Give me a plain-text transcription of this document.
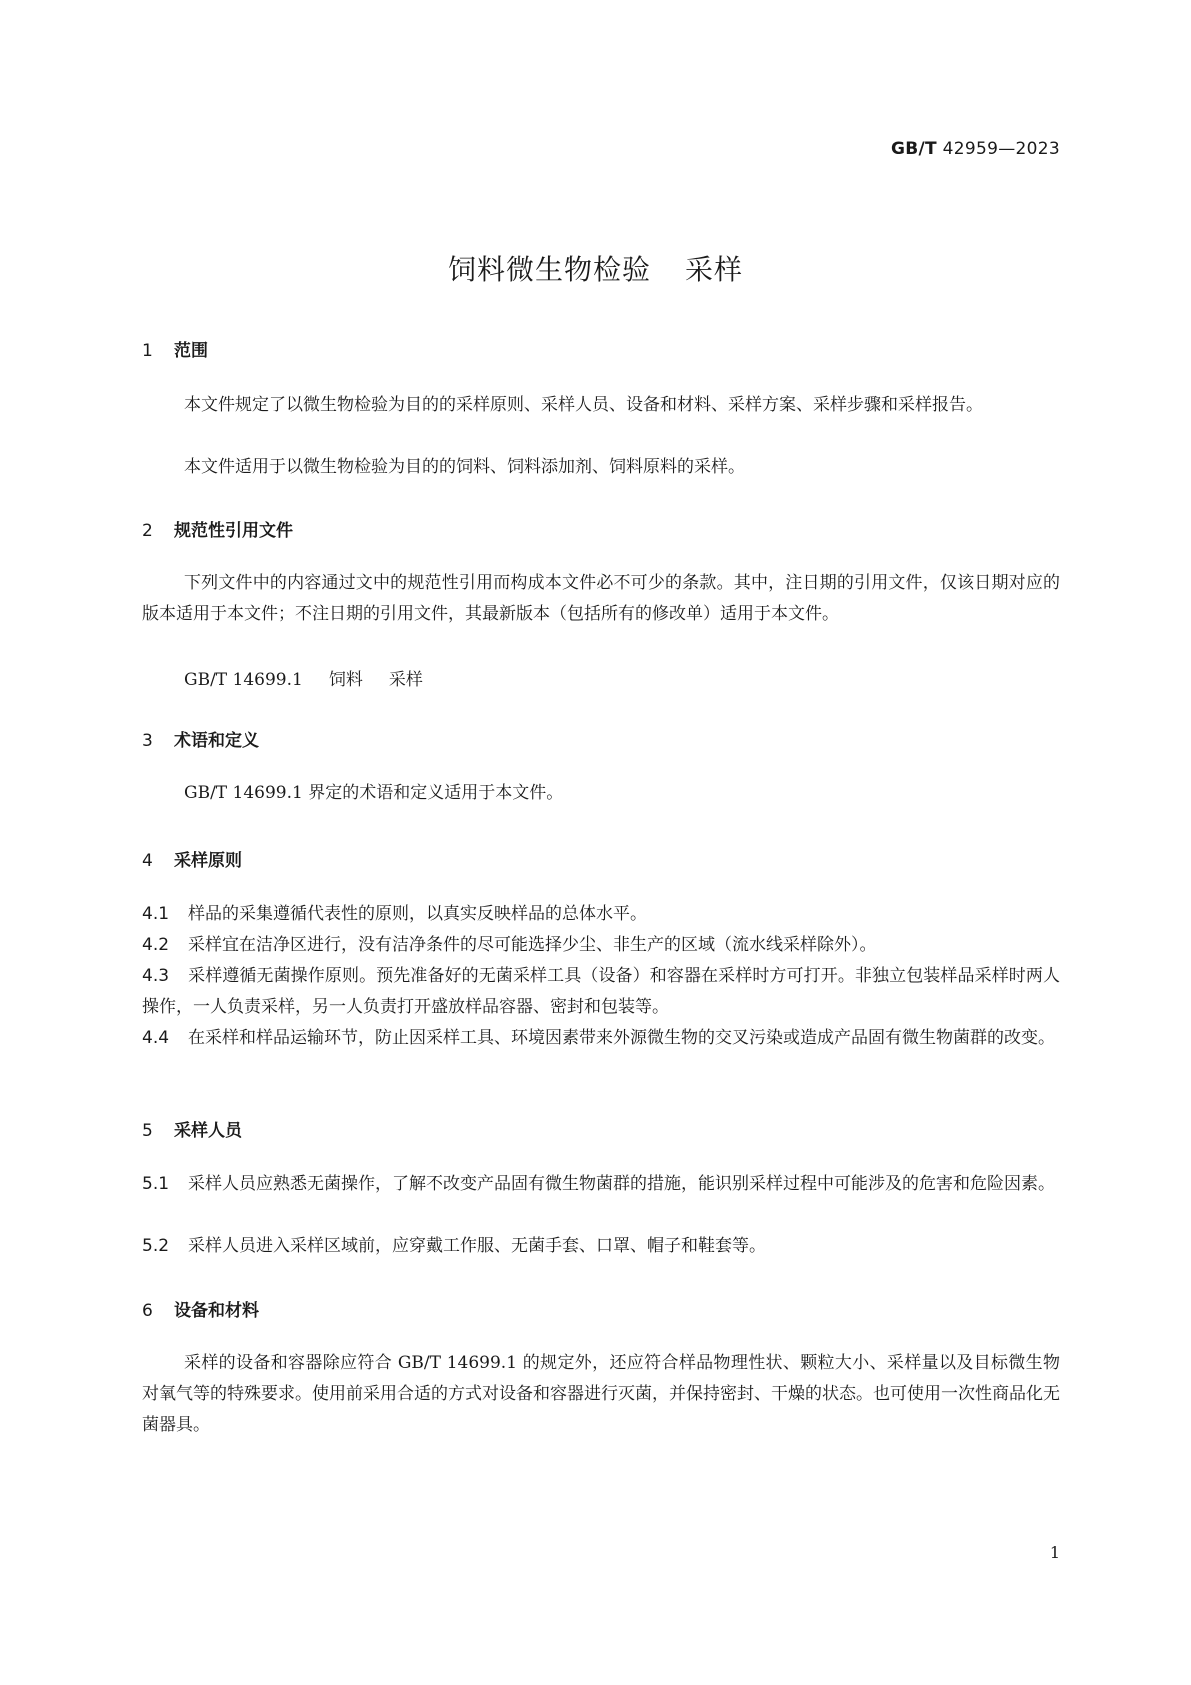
GB/T 42959—2023
饲料微生物检验 采样
1 范围

本文件规定了以微生物检验为目的的采样原则、采样人员、设备和材料、采样方案、采样步骤和采样报告。

本文件适用于以微生物检验为目的的饲料、饲料添加剂、饲料原料的采样。

2 规范性引用文件

下列文件中的内容通过文中的规范性引用而构成本文件必不可少的条款。其中，注日期的引用文件，仅该日期对应的版本适用于本文件；不注日期的引用文件，其最新版本（包括所有的修改单）适用于本文件。

GB/T 14699.1 饲料 采样
3 术语和定义

GB/T 14699.1 界定的术语和定义适用于本文件。

4 采样原则

4.1 样品的采集遵循代表性的原则，以真实反映样品的总体水平。

4.2 采样宜在洁净区进行，没有洁净条件的尽可能选择少尘、非生产的区域（流水线采样除外）。

4.3 采样遵循无菌操作原则。预先准备好的无菌采样工具（设备）和容器在采样时方可打开。非独立包装样品采样时两人操作，一人负责采样，另一人负责打开盛放样品容器、密封和包装等。

4.4 在采样和样品运输环节，防止因采样工具、环境因素带来外源微生物的交叉污染或造成产品固有微生物菌群的改变。

5 采样人员

5.1 采样人员应熟悉无菌操作，了解不改变产品固有微生物菌群的措施，能识别采样过程中可能涉及的危害和危险因素。

5.2 采样人员进入采样区域前，应穿戴工作服、无菌手套、口罩、帽子和鞋套等。

6 设备和材料

采样的设备和容器除应符合 GB/T 14699.1 的规定外，还应符合样品物理性状、颗粒大小、采样量以及目标微生物对氧气等的特殊要求。使用前采用合适的方式对设备和容器进行灭菌，并保持密封、干燥的状态。也可使用一次性商品化无菌器具。

1
